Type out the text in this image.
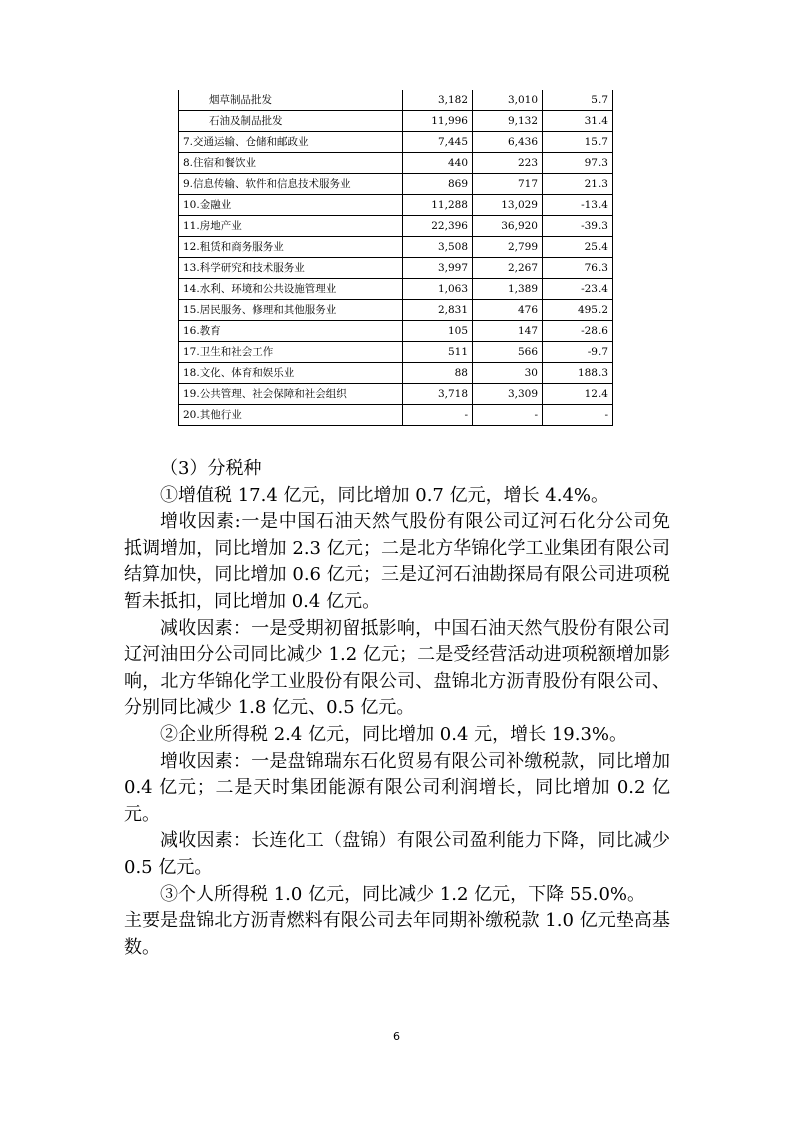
烟草制品批发	3,182	3,010	5.7
石油及制品批发	11,996	9,132	31.4
7.交通运输、仓储和邮政业	7,445	6,436	15.7
8.住宿和餐饮业	440	223	97.3
9.信息传输、软件和信息技术服务业	869	717	21.3
10.金融业	11,288	13,029	-13.4
11.房地产业	22,396	36,920	-39.3
12.租赁和商务服务业	3,508	2,799	25.4
13.科学研究和技术服务业	3,997	2,267	76.3
14.水利、环境和公共设施管理业	1,063	1,389	-23.4
15.居民服务、修理和其他服务业	2,831	476	495.2
16.教育	105	147	-28.6
17.卫生和社会工作	511	566	-9.7
18.文化、体育和娱乐业	88	30	188.3
19.公共管理、社会保障和社会组织	3,718	3,309	12.4
20.其他行业	-	-	-

（3）分税种

①增值税 17.4 亿元，同比增加 0.7 亿元，增长 4.4%。

增收因素:一是中国石油天然气股份有限公司辽河石化分公司免抵调增加，同比增加 2.3 亿元；二是北方华锦化学工业集团有限公司结算加快，同比增加 0.6 亿元；三是辽河石油勘探局有限公司进项税暂未抵扣，同比增加 0.4 亿元。

减收因素：一是受期初留抵影响，中国石油天然气股份有限公司辽河油田分公司同比减少 1.2 亿元；二是受经营活动进项税额增加影响，北方华锦化学工业股份有限公司、盘锦北方沥青股份有限公司、分别同比减少 1.8 亿元、0.5 亿元。

②企业所得税 2.4 亿元，同比增加 0.4 元，增长 19.3%。

增收因素：一是盘锦瑞东石化贸易有限公司补缴税款，同比增加 0.4 亿元；二是天时集团能源有限公司利润增长，同比增加 0.2 亿元。

减收因素：长连化工（盘锦）有限公司盈利能力下降，同比减少 0.5 亿元。

③个人所得税 1.0 亿元，同比减少 1.2 亿元，下降 55.0%。

主要是盘锦北方沥青燃料有限公司去年同期补缴税款 1.0 亿元垫高基数。

6
